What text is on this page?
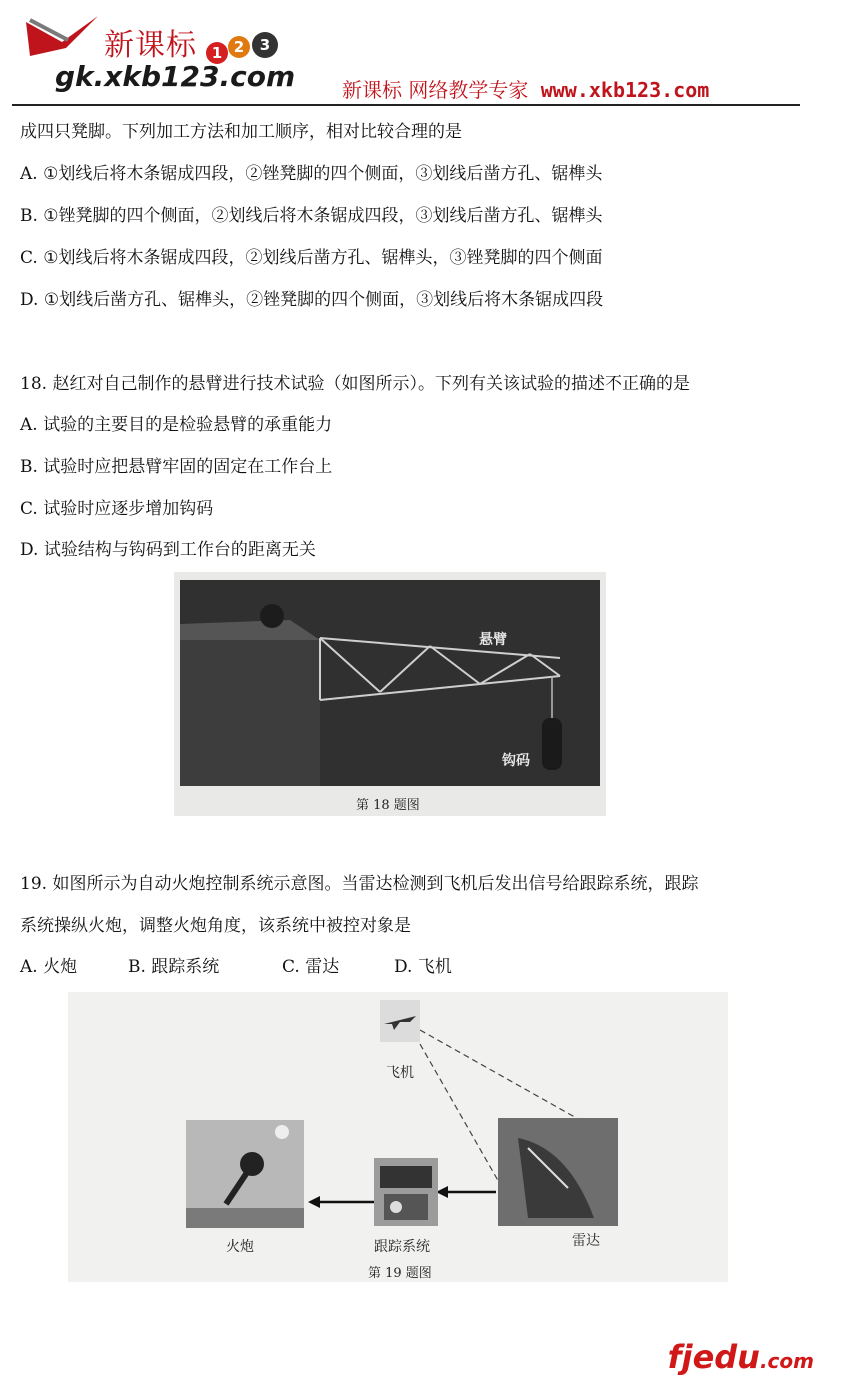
新课标 1 2	3
gk.xkb123.com 新课标 网络教学专家 www.xkb123.com
成四只凳脚。下列加工方法和加工顺序，相对比较合理的是
A. ①划线后将木条锯成四段，②锉凳脚的四个侧面，③划线后凿方孔、锯榫头
B. ①锉凳脚的四个侧面，②划线后将木条锯成四段，③划线后凿方孔、锯榫头
C. ①划线后将木条锯成四段，②划线后凿方孔、锯榫头，③锉凳脚的四个侧面
D. ①划线后凿方孔、锯榫头，②锉凳脚的四个侧面，③划线后将木条锯成四段
18. 赵红对自己制作的悬臂进行技术试验（如图所示）。下列有关该试验的描述不正确的是
A. 试验的主要目的是检验悬臂的承重能力
B. 试验时应把悬臂牢固的固定在工作台上
C. 试验时应逐步增加钩码
D. 试验结构与钩码到工作台的距离无关
悬臂
钩码
第 18 题图
19. 如图所示为自动火炮控制系统示意图。当雷达检测到飞机后发出信号给跟踪系统，跟踪
系统操纵火炮，调整火炮角度，该系统中被控对象是
A. 火炮	B. 跟踪系统	C. 雷达	D. 飞机
飞机
火炮	跟踪系统	雷达
第 19 题图
fjedu.com
